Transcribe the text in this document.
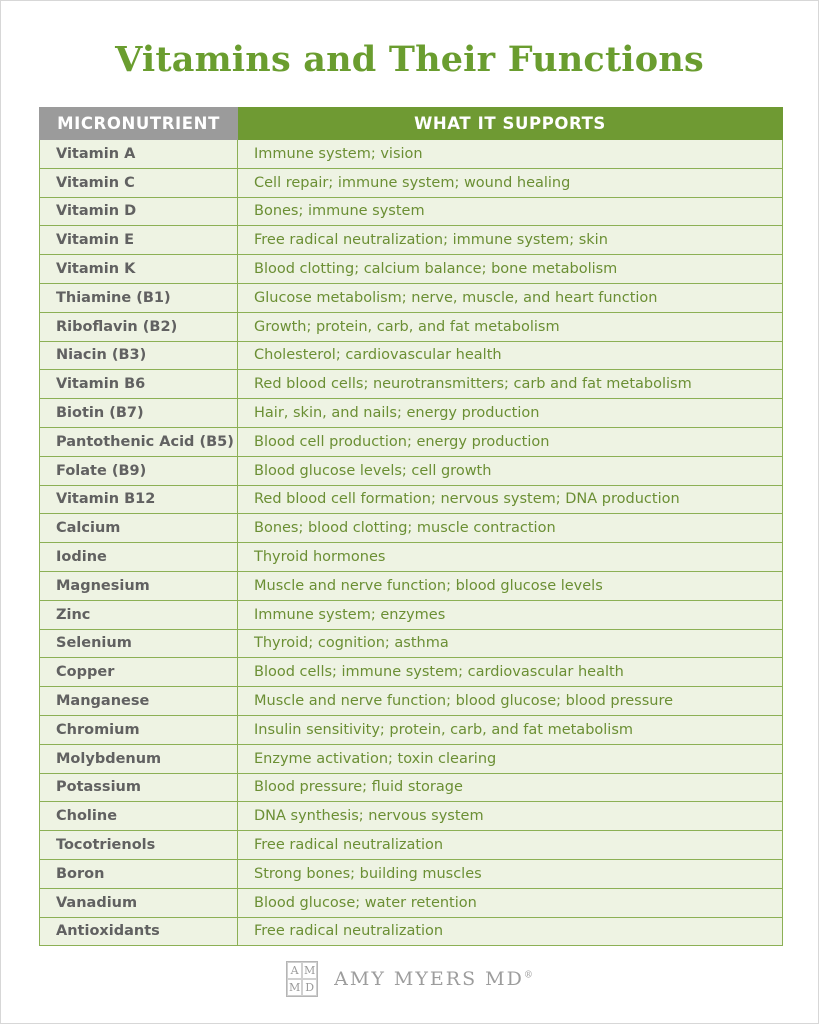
Vitamins and Their Functions
MICRONUTRIENT	WHAT IT SUPPORTS
Vitamin A	Immune system; vision
Vitamin C	Cell repair; immune system; wound healing
Vitamin D	Bones; immune system
Vitamin E	Free radical neutralization; immune system; skin
Vitamin K	Blood clotting; calcium balance; bone metabolism
Thiamine (B1)	Glucose metabolism; nerve, muscle, and heart function
Riboflavin (B2)	Growth; protein, carb, and fat metabolism
Niacin (B3)	Cholesterol; cardiovascular health
Vitamin B6	Red blood cells; neurotransmitters; carb and fat metabolism
Biotin (B7)	Hair, skin, and nails; energy production
Pantothenic Acid (B5)	Blood cell production; energy production
Folate (B9)	Blood glucose levels; cell growth
Vitamin B12	Red blood cell formation; nervous system; DNA production
Calcium	Bones; blood clotting; muscle contraction
Iodine	Thyroid hormones
Magnesium	Muscle and nerve function; blood glucose levels
Zinc	Immune system; enzymes
Selenium	Thyroid; cognition; asthma
Copper	Blood cells; immune system; cardiovascular health
Manganese	Muscle and nerve function; blood glucose; blood pressure
Chromium	Insulin sensitivity; protein, carb, and fat metabolism
Molybdenum	Enzyme activation; toxin clearing
Potassium	Blood pressure; fluid storage
Choline	DNA synthesis; nervous system
Tocotrienols	Free radical neutralization
Boron	Strong bones; building muscles
Vanadium	Blood glucose; water retention
Antioxidants	Free radical neutralization
A M
M D AMY MYERS MD®
